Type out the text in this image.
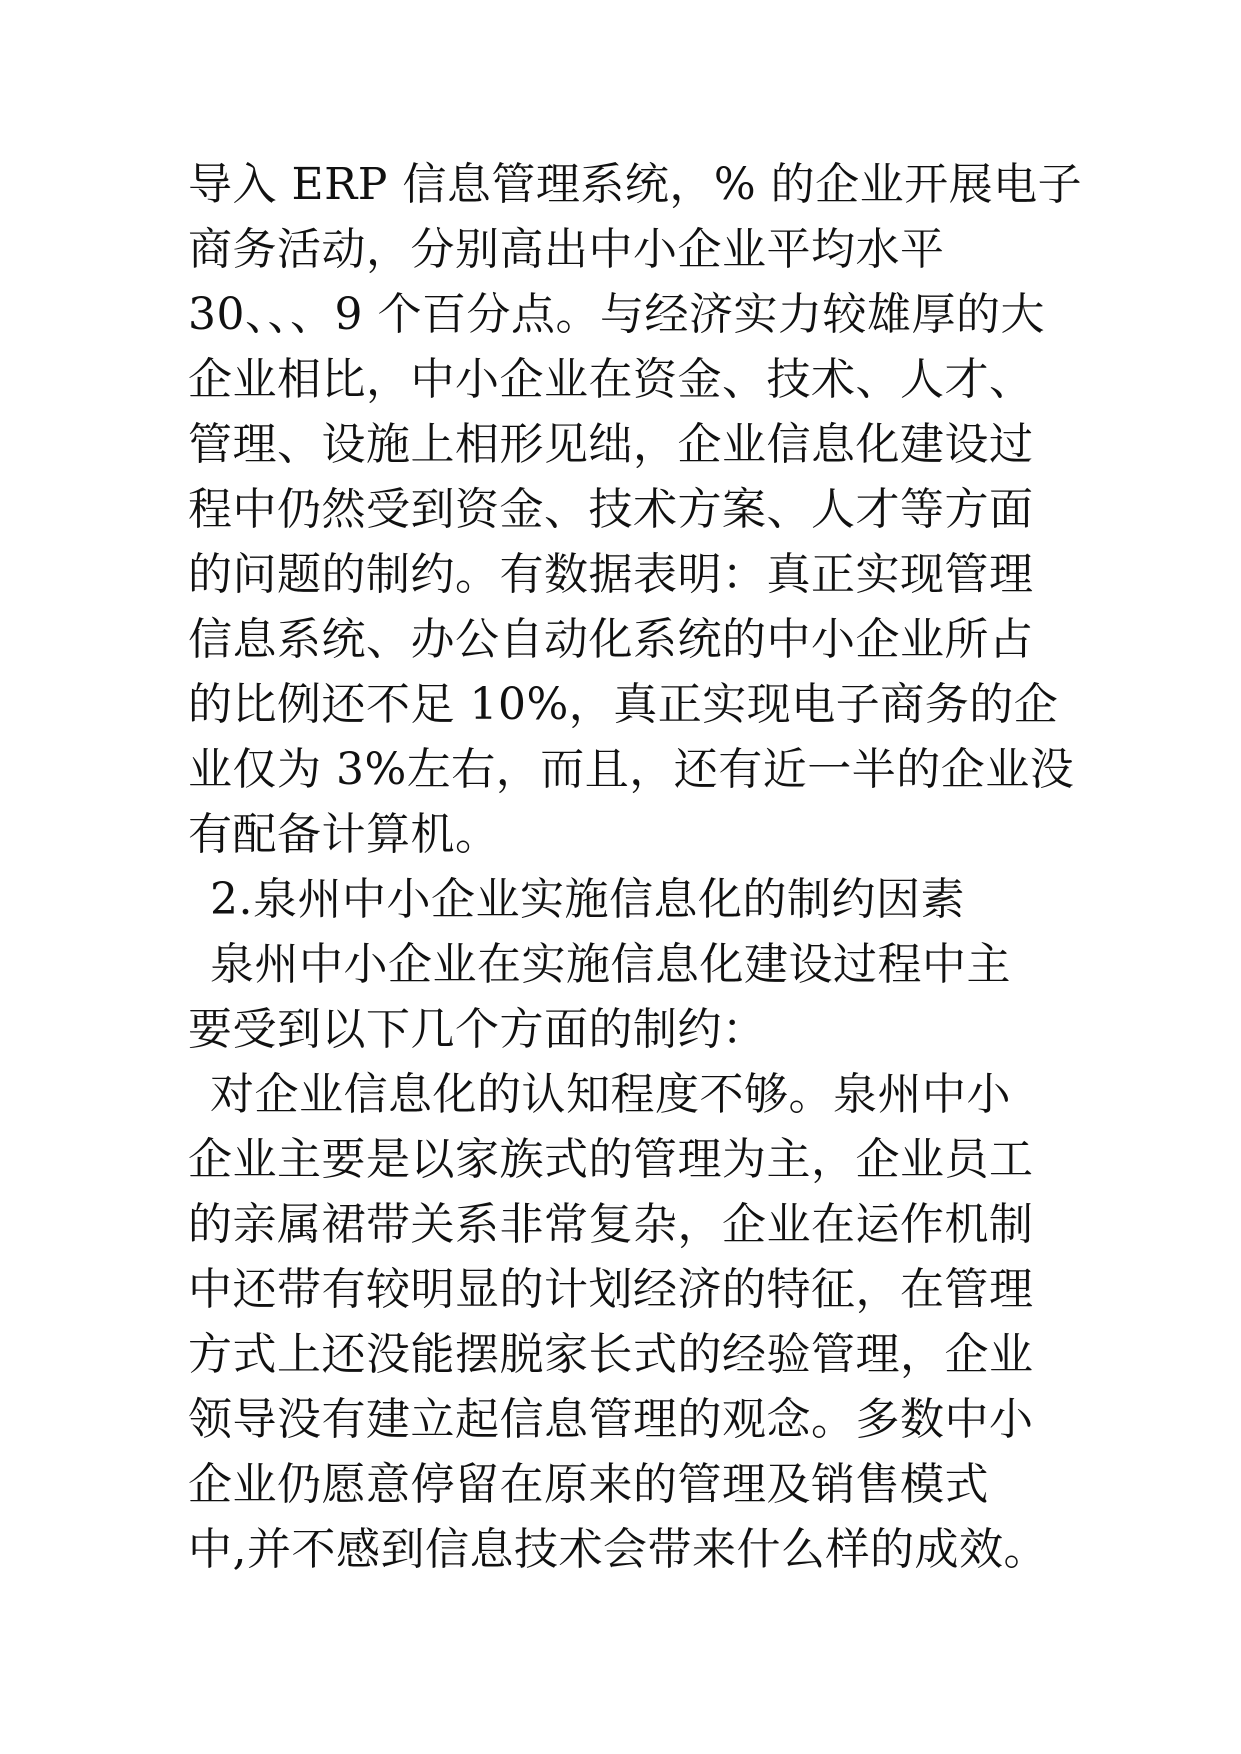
导入 ERP 信息管理系统，% 的企业开展电子
商务活动，分别高出中小企业平均水平
30、、、9 个百分点。与经济实力较雄厚的大
企业相比，中小企业在资金、技术、人才、
管理、设施上相形见绌，企业信息化建设过
程中仍然受到资金、技术方案、人才等方面
的问题的制约。有数据表明：真正实现管理
信息系统、办公自动化系统的中小企业所占
的比例还不足 10%，真正实现电子商务的企
业仅为 3%左右，而且，还有近一半的企业没
有配备计算机。
2.泉州中小企业实施信息化的制约因素
泉州中小企业在实施信息化建设过程中主
要受到以下几个方面的制约：
对企业信息化的认知程度不够。泉州中小
企业主要是以家族式的管理为主，企业员工
的亲属裙带关系非常复杂，企业在运作机制
中还带有较明显的计划经济的特征，在管理
方式上还没能摆脱家长式的经验管理，企业
领导没有建立起信息管理的观念。多数中小
企业仍愿意停留在原来的管理及销售模式
中,并不感到信息技术会带来什么样的成效。
